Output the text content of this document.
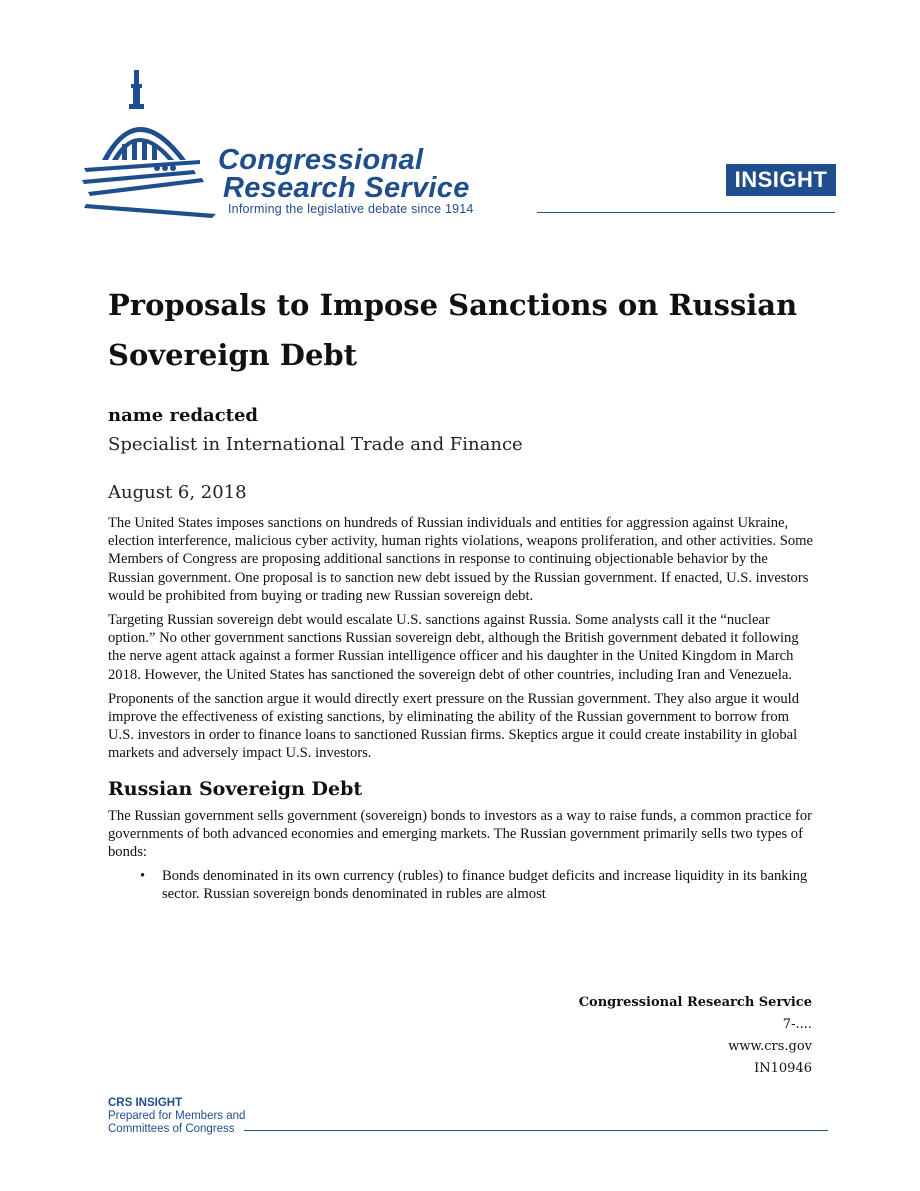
Congressional
Research Service
Informing the legislative debate since 1914
INSIGHT
Proposals to Impose Sanctions on Russian Sovereign Debt

name redacted

Specialist in International Trade and Finance

August 6, 2018

The United States imposes sanctions on hundreds of Russian individuals and entities for aggression against Ukraine, election interference, malicious cyber activity, human rights violations, weapons proliferation, and other activities. Some Members of Congress are proposing additional sanctions in response to continuing objectionable behavior by the Russian government. One proposal is to sanction new debt issued by the Russian government. If enacted, U.S. investors would be prohibited from buying or trading new Russian sovereign debt.

Targeting Russian sovereign debt would escalate U.S. sanctions against Russia. Some analysts call it the “nuclear option.” No other government sanctions Russian sovereign debt, although the British government debated it following the nerve agent attack against a former Russian intelligence officer and his daughter in the United Kingdom in March 2018. However, the United States has sanctioned the sovereign debt of other countries, including Iran and Venezuela.

Proponents of the sanction argue it would directly exert pressure on the Russian government. They also argue it would improve the effectiveness of existing sanctions, by eliminating the ability of the Russian government to borrow from U.S. investors in order to finance loans to sanctioned Russian firms. Skeptics argue it could create instability in global markets and adversely impact U.S. investors.

Russian Sovereign Debt

The Russian government sells government (sovereign) bonds to investors as a way to raise funds, a common practice for governments of both advanced economies and emerging markets. The Russian government primarily sells two types of bonds:

• Bonds denominated in its own currency (rubles) to finance budget deficits and increase liquidity in its banking sector. Russian sovereign bonds denominated in rubles are almost
Congressional Research Service
7-....
www.crs.gov
IN10946
CRS INSIGHT
Prepared for Members and
Committees of Congress
